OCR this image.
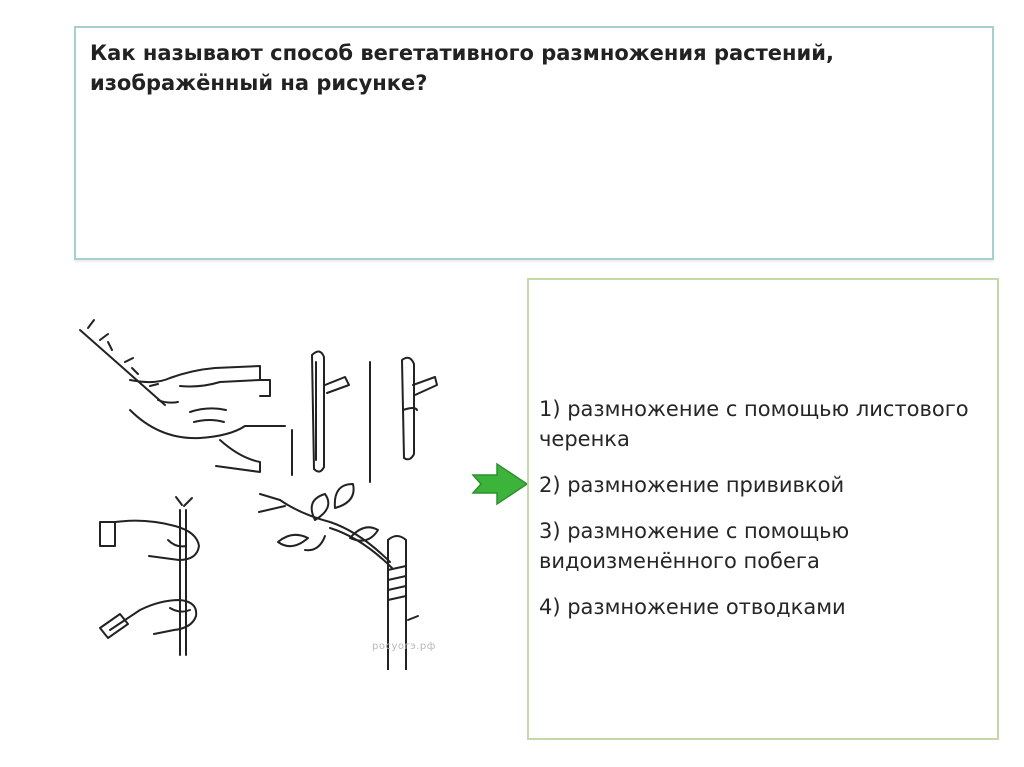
Как называют способ вегетативного размножения растений, изображённый на рисунке?
рoсуогэ.рф
1) размножение с помощью листового черенка
2) размножение прививкой
3) размножение с помощью видоизменённого побега
4) размножение отводками
